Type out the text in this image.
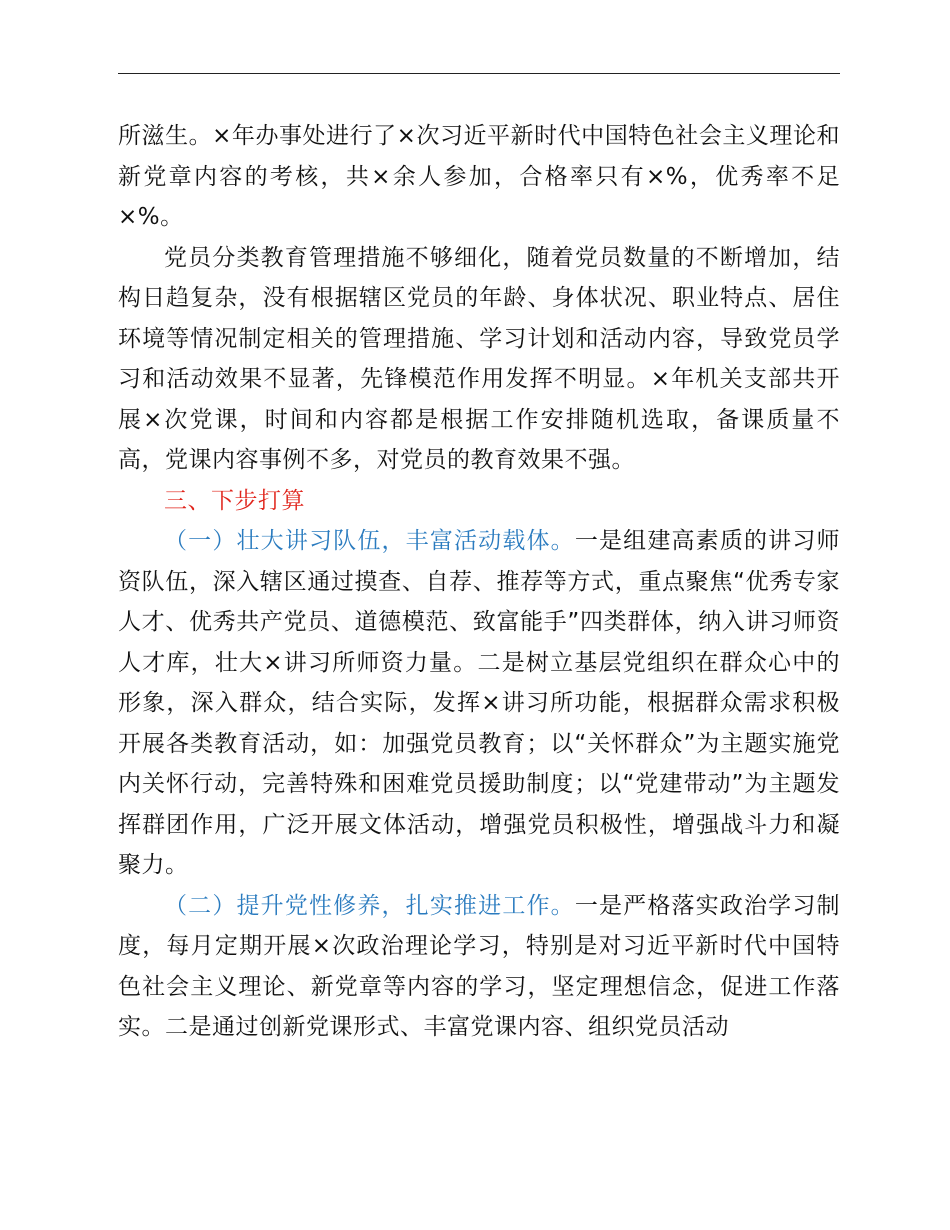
所滋生。×年办事处进行了×次习近平新时代中国特色社会主义理论和新党章内容的考核，共×余人参加，合格率只有×%，优秀率不足×%。

党员分类教育管理措施不够细化，随着党员数量的不断增加，结构日趋复杂，没有根据辖区党员的年龄、身体状况、职业特点、居住环境等情况制定相关的管理措施、学习计划和活动内容，导致党员学习和活动效果不显著，先锋模范作用发挥不明显。×年机关支部共开展×次党课，时间和内容都是根据工作安排随机选取，备课质量不高，党课内容事例不多，对党员的教育效果不强。

三、下步打算

（一）壮大讲习队伍，丰富活动载体。一是组建高素质的讲习师资队伍，深入辖区通过摸查、自荐、推荐等方式，重点聚焦“优秀专家人才、优秀共产党员、道德模范、致富能手”四类群体，纳入讲习师资人才库，壮大×讲习所师资力量。二是树立基层党组织在群众心中的形象，深入群众，结合实际，发挥×讲习所功能，根据群众需求积极开展各类教育活动，如：加强党员教育；以“关怀群众”为主题实施党内关怀行动，完善特殊和困难党员援助制度；以“党建带动”为主题发挥群团作用，广泛开展文体活动，增强党员积极性，增强战斗力和凝聚力。

（二）提升党性修养，扎实推进工作。一是严格落实政治学习制度，每月定期开展×次政治理论学习，特别是对习近平新时代中国特色社会主义理论、新党章等内容的学习，坚定理想信念，促进工作落实。二是通过创新党课形式、丰富党课内容、组织党员活动
